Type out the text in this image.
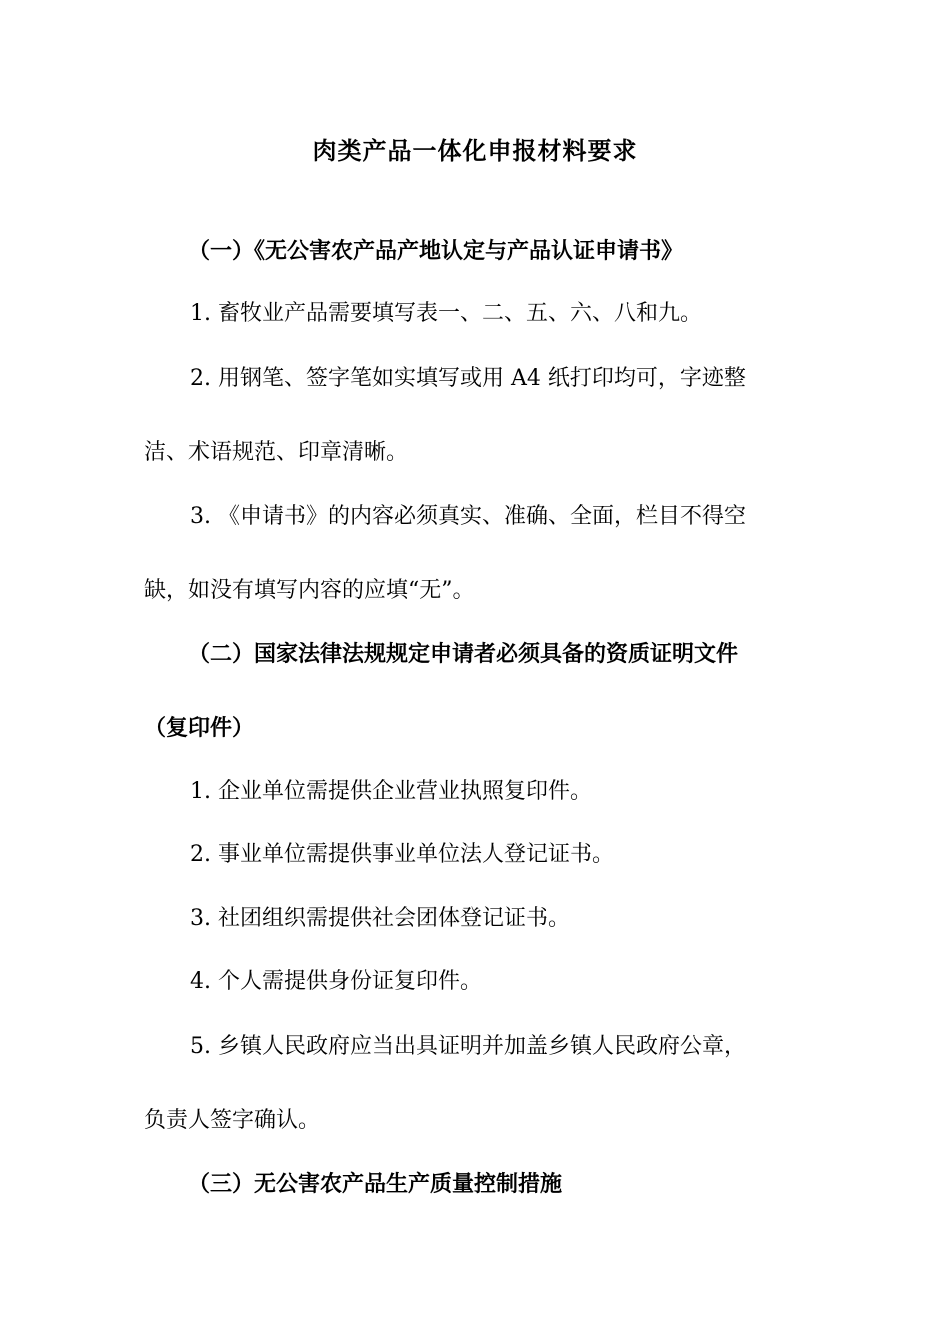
肉类产品一体化申报材料要求
（一）《无公害农产品产地认定与产品认证申请书》
1. 畜牧业产品需要填写表一、二、五、六、八和九。
2. 用钢笔、签字笔如实填写或用 A4 纸打印均可，字迹整
洁、术语规范、印章清晰。
3. 《申请书》的内容必须真实、准确、全面，栏目不得空
缺，如没有填写内容的应填“无”。
（二）国家法律法规规定申请者必须具备的资质证明文件
（复印件）
1. 企业单位需提供企业营业执照复印件。
2. 事业单位需提供事业单位法人登记证书。
3. 社团组织需提供社会团体登记证书。
4. 个人需提供身份证复印件。
5. 乡镇人民政府应当出具证明并加盖乡镇人民政府公章，
负责人签字确认。
（三）无公害农产品生产质量控制措施
